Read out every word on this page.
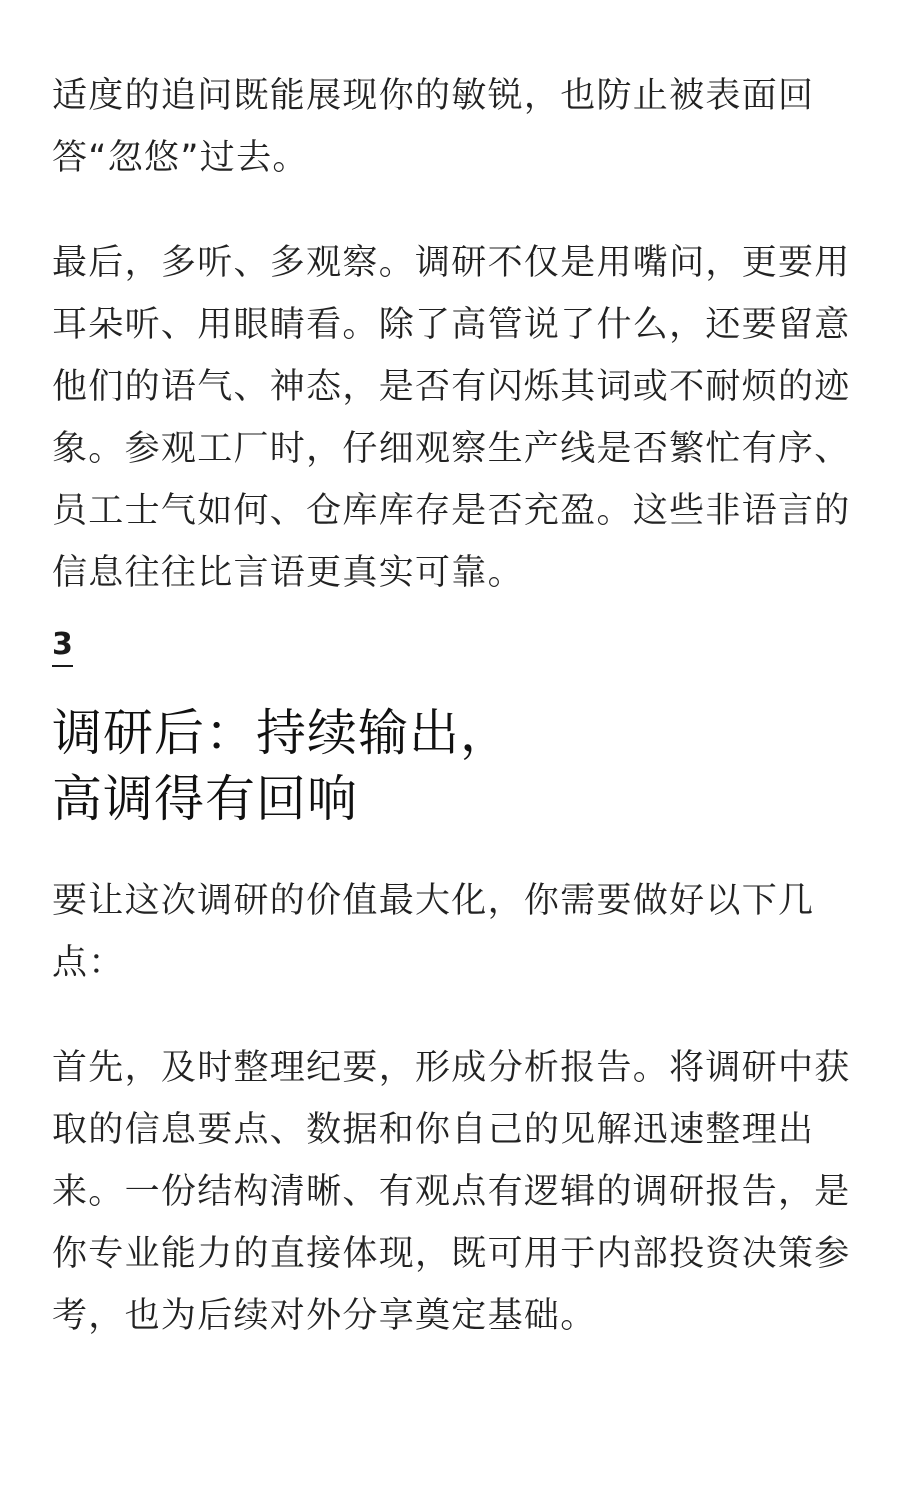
适度的追问既能展现你的敏锐，也防止被表面回答“忽悠”过去。

最后，多听、多观察。调研不仅是用嘴问，更要用耳朵听、用眼睛看。除了高管说了什么，还要留意他们的语气、神态，是否有闪烁其词或不耐烦的迹象。参观工厂时，仔细观察生产线是否繁忙有序、员工士气如何、仓库库存是否充盈。这些非语言的信息往往比言语更真实可靠。

3
调研后：持续输出，
高调得有回响

要让这次调研的价值最大化，你需要做好以下几点：

首先，及时整理纪要，形成分析报告。将调研中获取的信息要点、数据和你自己的见解迅速整理出来。一份结构清晰、有观点有逻辑的调研报告，是你专业能力的直接体现，既可用于内部投资决策参考，也为后续对外分享奠定基础。
